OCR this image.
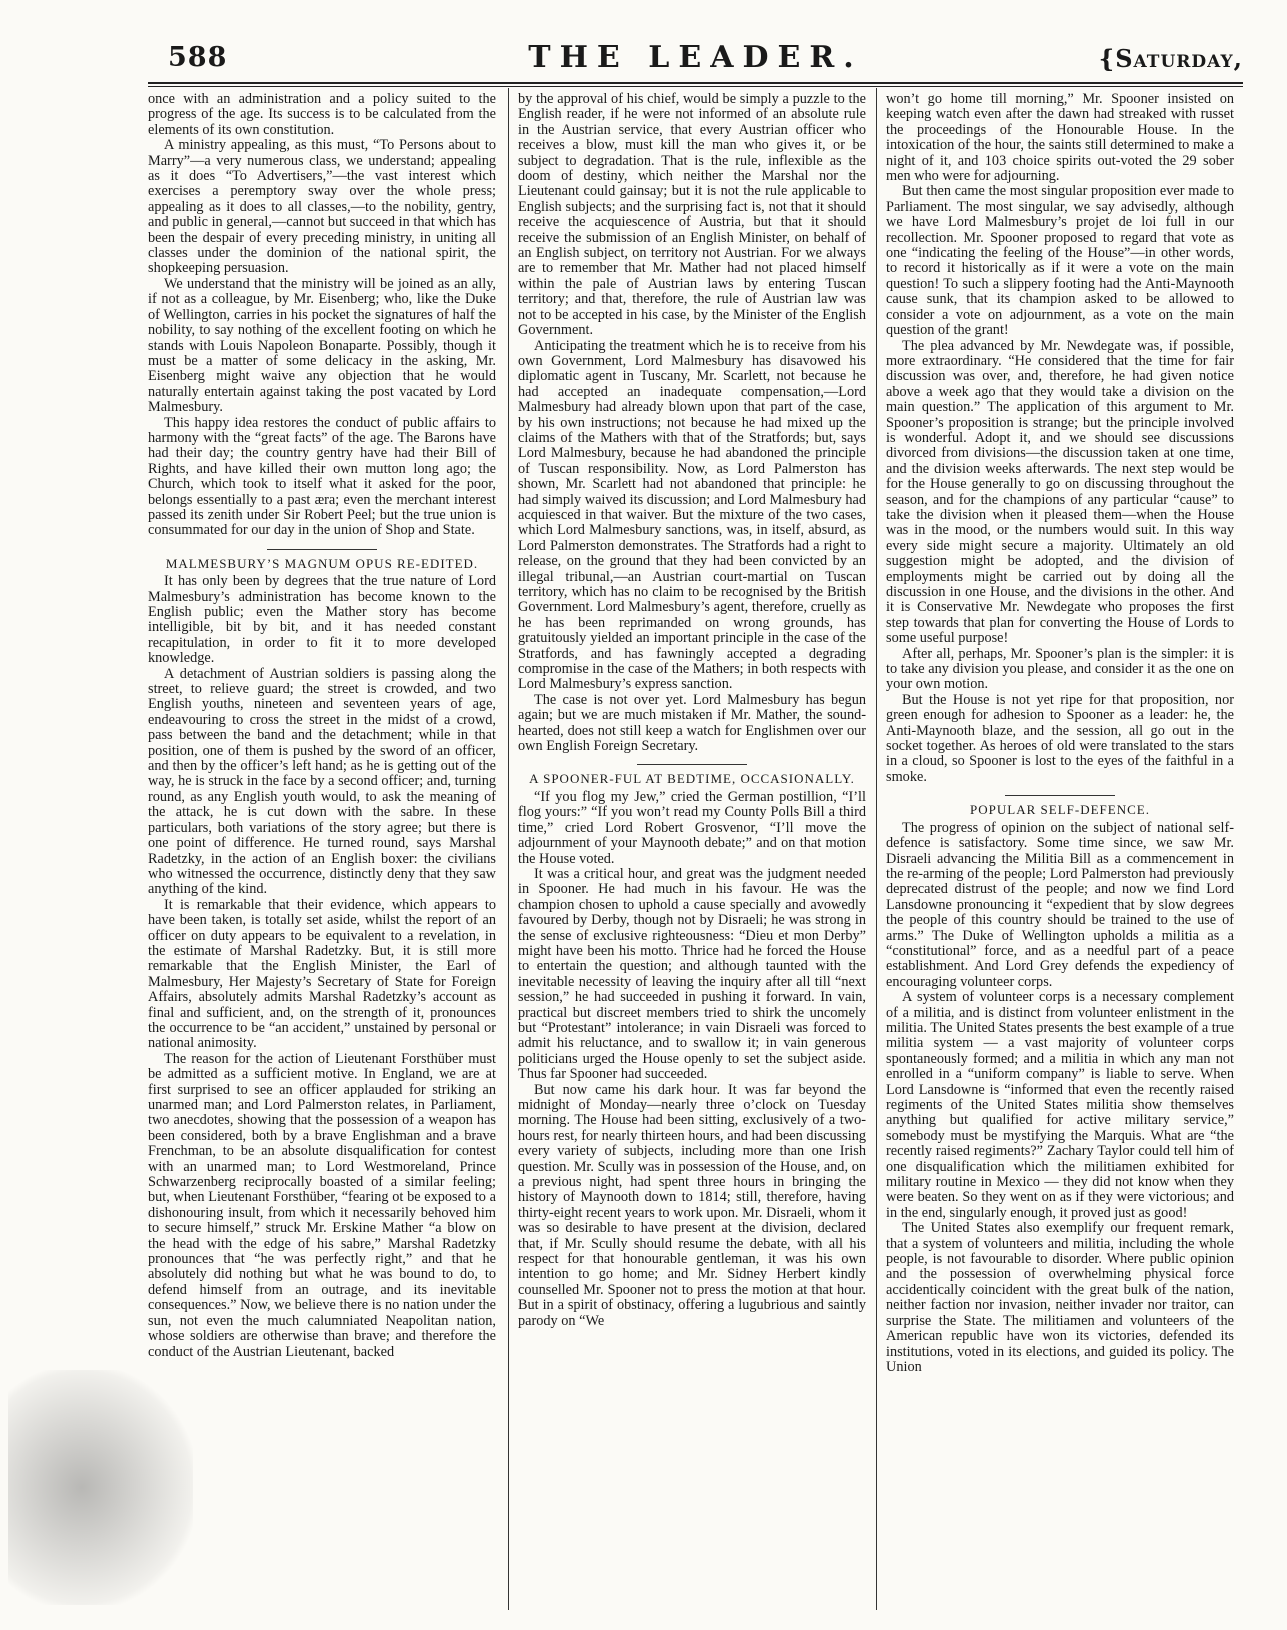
588	THE LEADER.	{Saturday,

once with an administration and a policy suited to the progress of the age. Its success is to be calculated from the elements of its own constitution.

A ministry appealing, as this must, “To Persons about to Marry”—a very numerous class, we understand; appealing as it does “To Advertisers,”—the vast interest which exercises a peremptory sway over the whole press; appealing as it does to all classes,—to the nobility, gentry, and public in general,—cannot but succeed in that which has been the despair of every preceding ministry, in uniting all classes under the dominion of the national spirit, the shopkeeping persuasion.

We understand that the ministry will be joined as an ally, if not as a colleague, by Mr. Eisenberg; who, like the Duke of Wellington, carries in his pocket the signatures of half the nobility, to say nothing of the excellent footing on which he stands with Louis Napoleon Bonaparte. Possibly, though it must be a matter of some delicacy in the asking, Mr. Eisenberg might waive any objection that he would naturally entertain against taking the post vacated by Lord Malmesbury.

This happy idea restores the conduct of public affairs to harmony with the “great facts” of the age. The Barons have had their day; the country gentry have had their Bill of Rights, and have killed their own mutton long ago; the Church, which took to itself what it asked for the poor, belongs essentially to a past æra; even the merchant interest passed its zenith under Sir Robert Peel; but the true union is consummated for our day in the union of Shop and State.

MALMESBURY’S MAGNUM OPUS RE-EDITED.

It has only been by degrees that the true nature of Lord Malmesbury’s administration has become known to the English public; even the Mather story has become intelligible, bit by bit, and it has needed constant recapitulation, in order to fit it to more developed knowledge.

A detachment of Austrian soldiers is passing along the street, to relieve guard; the street is crowded, and two English youths, nineteen and seventeen years of age, endeavouring to cross the street in the midst of a crowd, pass between the band and the detachment; while in that position, one of them is pushed by the sword of an officer, and then by the officer’s left hand; as he is getting out of the way, he is struck in the face by a second officer; and, turning round, as any English youth would, to ask the meaning of the attack, he is cut down with the sabre. In these particulars, both variations of the story agree; but there is one point of difference. He turned round, says Marshal Radetzky, in the action of an English boxer: the civilians who witnessed the occurrence, distinctly deny that they saw anything of the kind.

It is remarkable that their evidence, which appears to have been taken, is totally set aside, whilst the report of an officer on duty appears to be equivalent to a revelation, in the estimate of Marshal Radetzky. But, it is still more remarkable that the English Minister, the Earl of Malmesbury, Her Majesty’s Secretary of State for Foreign Affairs, absolutely admits Marshal Radetzky’s account as final and sufficient, and, on the strength of it, pronounces the occurrence to be “an accident,” unstained by personal or national animosity.

The reason for the action of Lieutenant Forsthüber must be admitted as a sufficient motive. In England, we are at first surprised to see an officer applauded for striking an unarmed man; and Lord Palmerston relates, in Parliament, two anecdotes, showing that the possession of a weapon has been considered, both by a brave Englishman and a brave Frenchman, to be an absolute disqualification for contest with an unarmed man; to Lord Westmoreland, Prince Schwarzenberg reciprocally boasted of a similar feeling; but, when Lieutenant Forsthüber, “fearing ot be exposed to a dishonouring insult, from which it necessarily behoved him to secure himself,” struck Mr. Erskine Mather “a blow on the head with the edge of his sabre,” Marshal Radetzky pronounces that “he was perfectly right,” and that he absolutely did nothing but what he was bound to do, to defend himself from an outrage, and its inevitable consequences.” Now, we believe there is no nation under the sun, not even the much calumniated Neapolitan nation, whose soldiers are otherwise than brave; and therefore the conduct of the Austrian Lieutenant, backed

by the approval of his chief, would be simply a puzzle to the English reader, if he were not informed of an absolute rule in the Austrian service, that every Austrian officer who receives a blow, must kill the man who gives it, or be subject to degradation. That is the rule, inflexible as the doom of destiny, which neither the Marshal nor the Lieutenant could gainsay; but it is not the rule applicable to English subjects; and the surprising fact is, not that it should receive the acquiescence of Austria, but that it should receive the submission of an English Minister, on behalf of an English subject, on territory not Austrian. For we always are to remember that Mr. Mather had not placed himself within the pale of Austrian laws by entering Tuscan territory; and that, therefore, the rule of Austrian law was not to be accepted in his case, by the Minister of the English Government.

Anticipating the treatment which he is to receive from his own Government, Lord Malmesbury has disavowed his diplomatic agent in Tuscany, Mr. Scarlett, not because he had accepted an inadequate compensation,—Lord Malmesbury had already blown upon that part of the case, by his own instructions; not because he had mixed up the claims of the Mathers with that of the Stratfords; but, says Lord Malmesbury, because he had abandoned the principle of Tuscan responsibility. Now, as Lord Palmerston has shown, Mr. Scarlett had not abandoned that principle: he had simply waived its discussion; and Lord Malmesbury had acquiesced in that waiver. But the mixture of the two cases, which Lord Malmesbury sanctions, was, in itself, absurd, as Lord Palmerston demonstrates. The Stratfords had a right to release, on the ground that they had been convicted by an illegal tribunal,—an Austrian court-martial on Tuscan territory, which has no claim to be recognised by the British Government. Lord Malmesbury’s agent, therefore, cruelly as he has been reprimanded on wrong grounds, has gratuitously yielded an important principle in the case of the Stratfords, and has fawningly accepted a degrading compromise in the case of the Mathers; in both respects with Lord Malmesbury’s express sanction.

The case is not over yet. Lord Malmesbury has begun again; but we are much mistaken if Mr. Mather, the sound-hearted, does not still keep a watch for Englishmen over our own English Foreign Secretary.

A SPOONER-FUL AT BEDTIME, OCCASIONALLY.

“If you flog my Jew,” cried the German postillion, “I’ll flog yours:” “If you won’t read my County Polls Bill a third time,” cried Lord Robert Grosvenor, “I’ll move the adjournment of your Maynooth debate;” and on that motion the House voted.

It was a critical hour, and great was the judgment needed in Spooner. He had much in his favour. He was the champion chosen to uphold a cause specially and avowedly favoured by Derby, though not by Disraeli; he was strong in the sense of exclusive righteousness: “Dieu et mon Derby” might have been his motto. Thrice had he forced the House to entertain the question; and although taunted with the inevitable necessity of leaving the inquiry after all till “next session,” he had succeeded in pushing it forward. In vain, practical but discreet members tried to shirk the uncomely but “Protestant” intolerance; in vain Disraeli was forced to admit his reluctance, and to swallow it; in vain generous politicians urged the House openly to set the subject aside. Thus far Spooner had succeeded.

But now came his dark hour. It was far beyond the midnight of Monday—nearly three o’clock on Tuesday morning. The House had been sitting, exclusively of a two-hours rest, for nearly thirteen hours, and had been discussing every variety of subjects, including more than one Irish question. Mr. Scully was in possession of the House, and, on a previous night, had spent three hours in bringing the history of Maynooth down to 1814; still, therefore, having thirty-eight recent years to work upon. Mr. Disraeli, whom it was so desirable to have present at the division, declared that, if Mr. Scully should resume the debate, with all his respect for that honourable gentleman, it was his own intention to go home; and Mr. Sidney Herbert kindly counselled Mr. Spooner not to press the motion at that hour. But in a spirit of obstinacy, offering a lugubrious and saintly parody on “We

won’t go home till morning,” Mr. Spooner insisted on keeping watch even after the dawn had streaked with russet the proceedings of the Honourable House. In the intoxication of the hour, the saints still determined to make a night of it, and 103 choice spirits out-voted the 29 sober men who were for adjourning.

But then came the most singular proposition ever made to Parliament. The most singular, we say advisedly, although we have Lord Malmesbury’s projet de loi full in our recollection. Mr. Spooner proposed to regard that vote as one “indicating the feeling of the House”—in other words, to record it historically as if it were a vote on the main question! To such a slippery footing had the Anti-Maynooth cause sunk, that its champion asked to be allowed to consider a vote on adjournment, as a vote on the main question of the grant!

The plea advanced by Mr. Newdegate was, if possible, more extraordinary. “He considered that the time for fair discussion was over, and, therefore, he had given notice above a week ago that they would take a division on the main question.” The application of this argument to Mr. Spooner’s proposition is strange; but the principle involved is wonderful. Adopt it, and we should see discussions divorced from divisions—the discussion taken at one time, and the division weeks afterwards. The next step would be for the House generally to go on discussing throughout the season, and for the champions of any particular “cause” to take the division when it pleased them—when the House was in the mood, or the numbers would suit. In this way every side might secure a majority. Ultimately an old suggestion might be adopted, and the division of employments might be carried out by doing all the discussion in one House, and the divisions in the other. And it is Conservative Mr. Newdegate who proposes the first step towards that plan for converting the House of Lords to some useful purpose!

After all, perhaps, Mr. Spooner’s plan is the simpler: it is to take any division you please, and consider it as the one on your own motion.

But the House is not yet ripe for that proposition, nor green enough for adhesion to Spooner as a leader: he, the Anti-Maynooth blaze, and the session, all go out in the socket together. As heroes of old were translated to the stars in a cloud, so Spooner is lost to the eyes of the faithful in a smoke.

POPULAR SELF-DEFENCE.

The progress of opinion on the subject of national self-defence is satisfactory. Some time since, we saw Mr. Disraeli advancing the Militia Bill as a commencement in the re-arming of the people; Lord Palmerston had previously deprecated distrust of the people; and now we find Lord Lansdowne pronouncing it “expedient that by slow degrees the people of this country should be trained to the use of arms.” The Duke of Wellington upholds a militia as a “constitutional” force, and as a needful part of a peace establishment. And Lord Grey defends the expediency of encouraging volunteer corps.

A system of volunteer corps is a necessary complement of a militia, and is distinct from volunteer enlistment in the militia. The United States presents the best example of a true militia system — a vast majority of volunteer corps spontaneously formed; and a militia in which any man not enrolled in a “uniform company” is liable to serve. When Lord Lansdowne is “informed that even the recently raised regiments of the United States militia show themselves anything but qualified for active military service,” somebody must be mystifying the Marquis. What are “the recently raised regiments?” Zachary Taylor could tell him of one disqualification which the militiamen exhibited for military routine in Mexico — they did not know when they were beaten. So they went on as if they were victorious; and in the end, singularly enough, it proved just as good!

The United States also exemplify our frequent remark, that a system of volunteers and militia, including the whole people, is not favourable to disorder. Where public opinion and the possession of overwhelming physical force accidentically coincident with the great bulk of the nation, neither faction nor invasion, neither invader nor traitor, can surprise the State. The militiamen and volunteers of the American republic have won its victories, defended its institutions, voted in its elections, and guided its policy. The Union
